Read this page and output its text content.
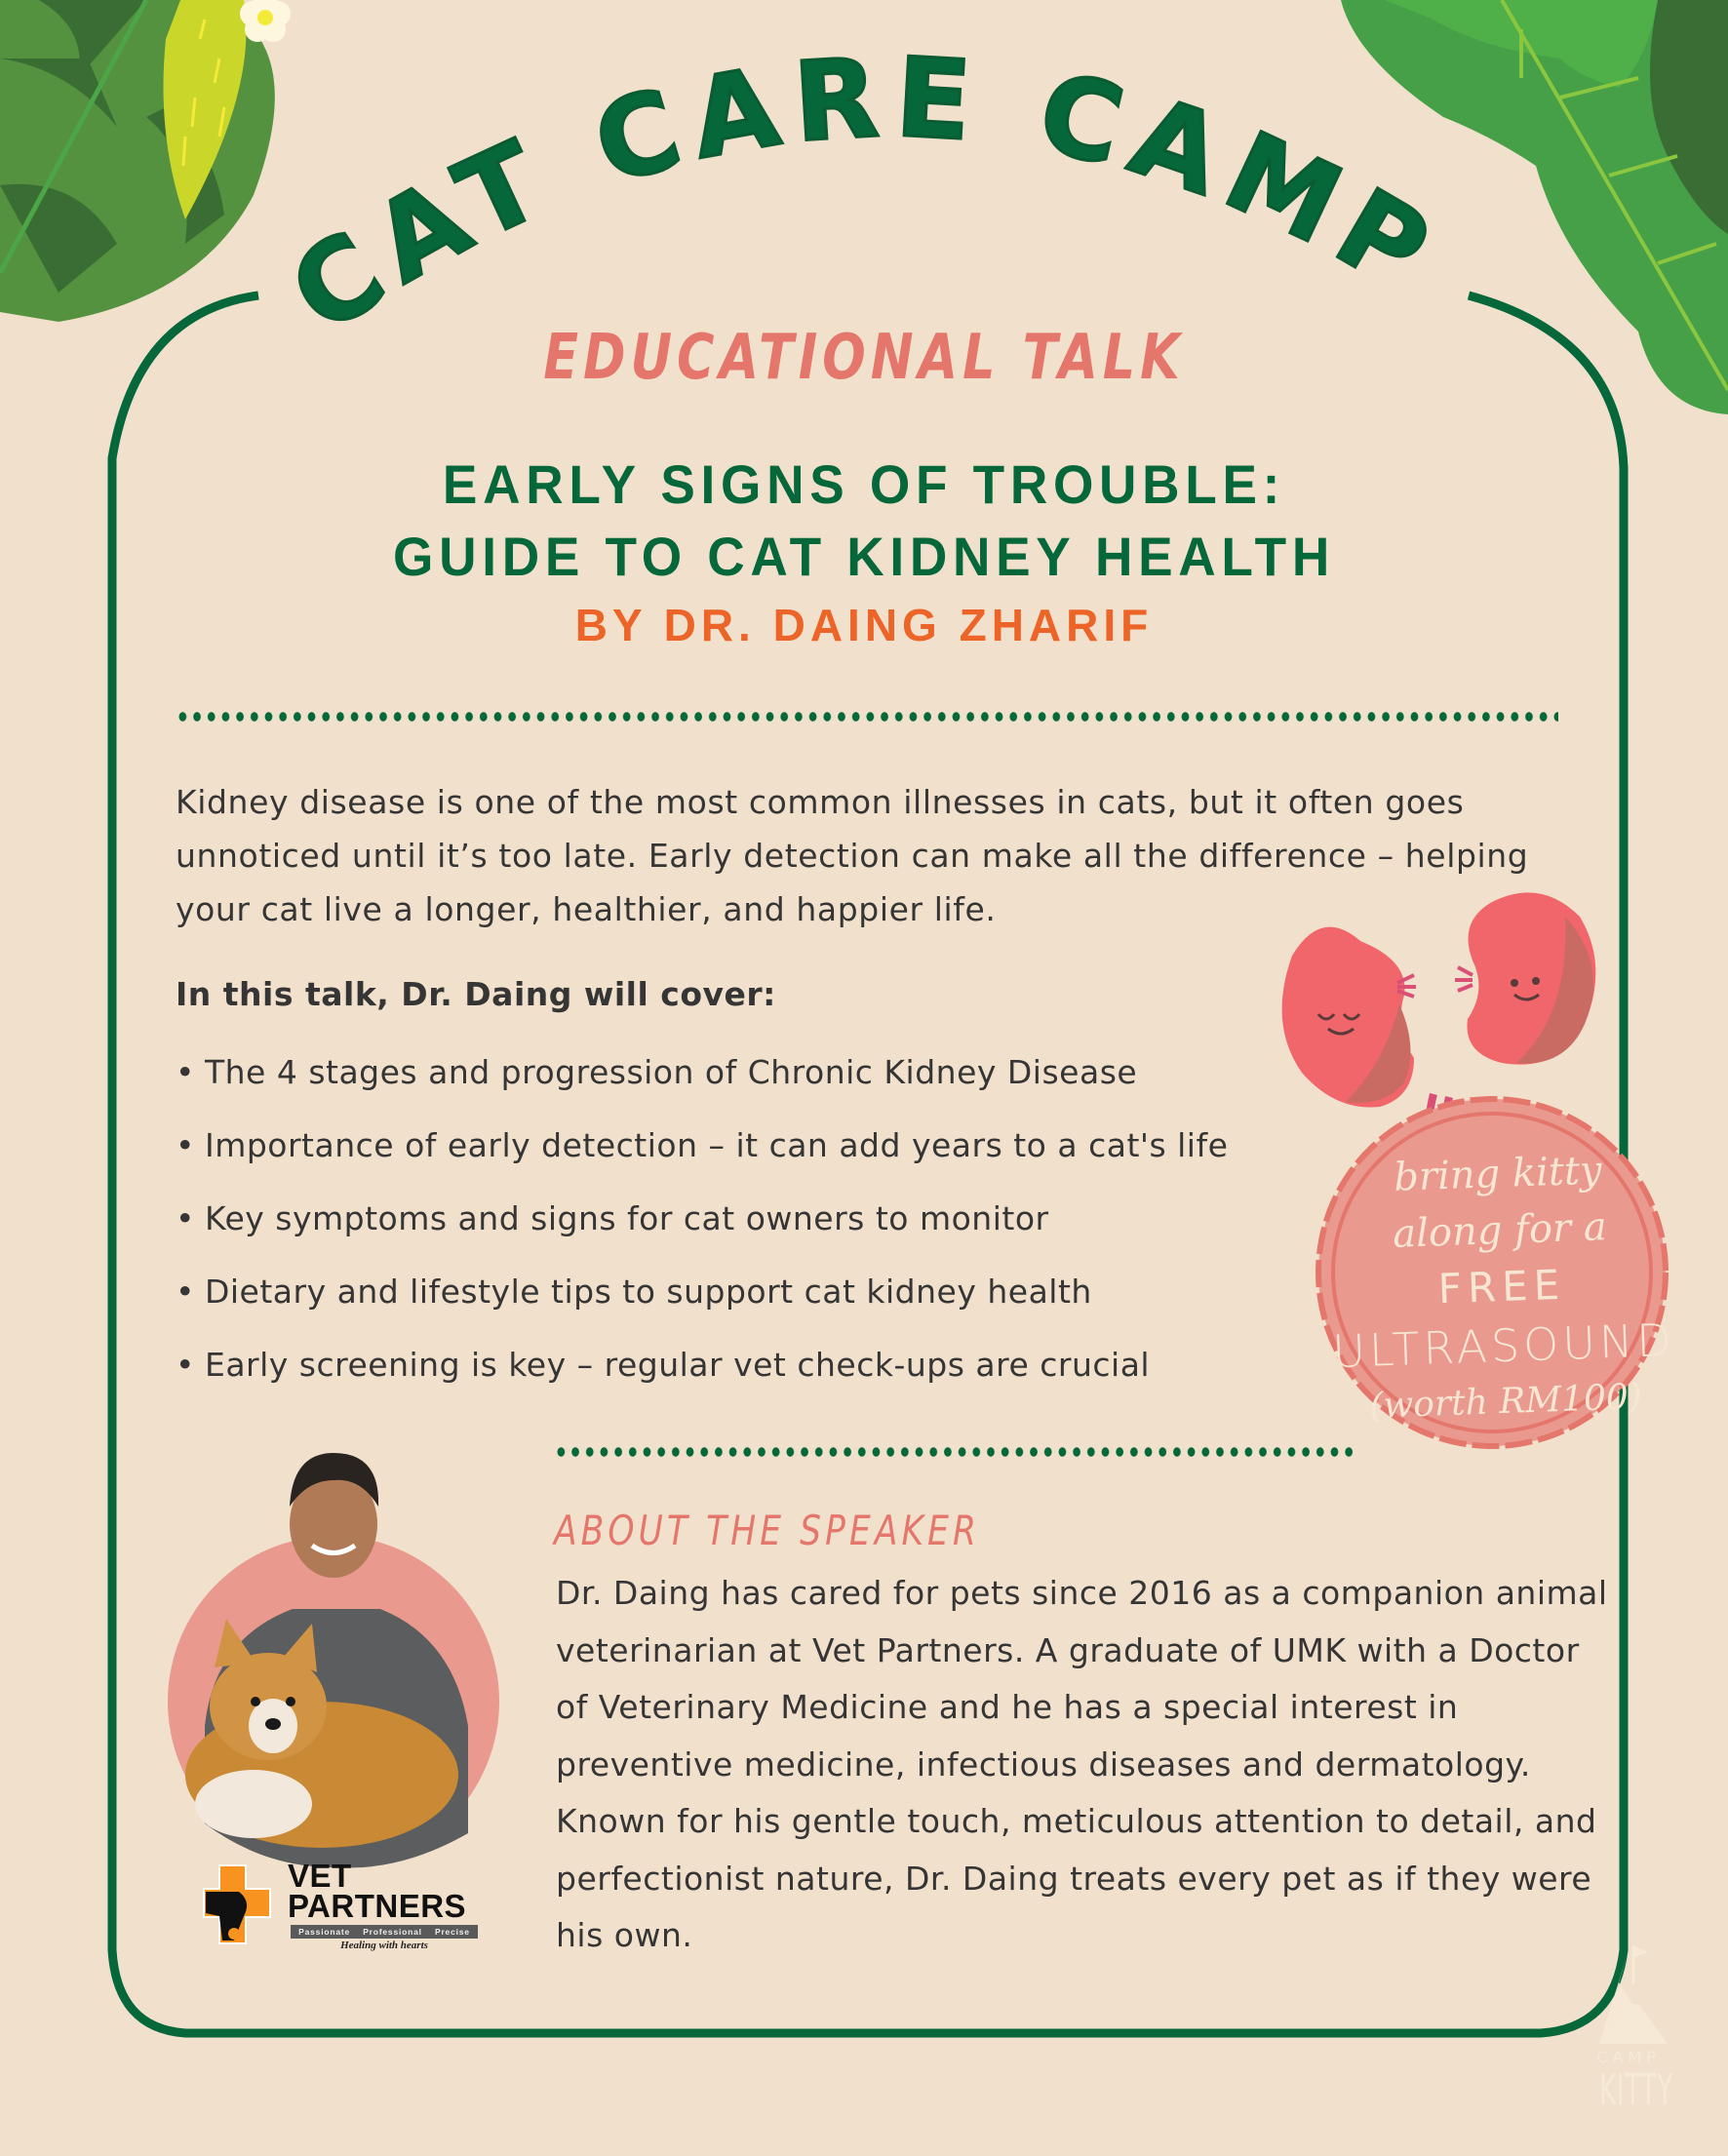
CAT CARE CAMP
EDUCATIONAL TALK
EARLY SIGNS OF TROUBLE:
GUIDE TO CAT KIDNEY HEALTH
BY DR. DAING ZHARIF
Kidney disease is one of the most common illnesses in cats, but it often goes unnoticed until it’s too late. Early detection can make all the difference – helping your cat live a longer, healthier, and happier life.
In this talk, Dr. Daing will cover:
• The 4 stages and progression of Chronic Kidney Disease
• Importance of early detection – it can add years to a cat's life
• Key symptoms and signs for cat owners to monitor
• Dietary and lifestyle tips to support cat kidney health
• Early screening is key – regular vet check-ups are crucial
bring kitty
along for a
FREE
ULTRASOUND
(worth RM100)
ABOUT THE SPEAKER
Dr. Daing has cared for pets since 2016 as a companion animal veterinarian at Vet Partners. A graduate of UMK with a Doctor of Veterinary Medicine and he has a special interest in preventive medicine, infectious diseases and dermatology. Known for his gentle touch, meticulous attention to detail, and perfectionist nature, Dr. Daing treats every pet as if they were his own.
VET
PARTNERS
Passionate Professional Precise
Healing with hearts
CAMP
KITTY
